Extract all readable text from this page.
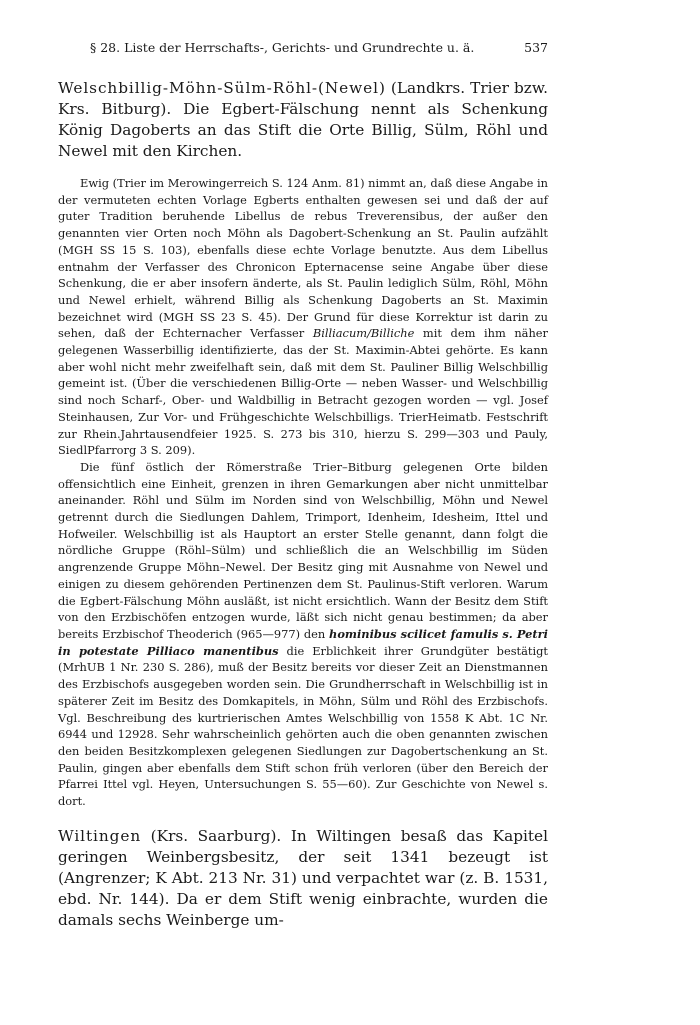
§ 28. Liste der Herrschafts-, Gerichts- und Grundrechte u. ä.	537

Welschbillig-Möhn-Sülm-Röhl-(Newel) (Landkrs. Trier bzw. Krs. Bitburg). Die Egbert-Fälschung nennt als Schenkung König Dagoberts an das Stift die Orte Billig, Sülm, Röhl und Newel mit den Kirchen.

Ewig (Trier im Merowingerreich S. 124 Anm. 81) nimmt an, daß diese Angabe in der vermuteten echten Vorlage Egberts enthalten gewesen sei und daß der auf guter Tradition beruhende Libellus de rebus Treverensibus, der außer den genannten vier Orten noch Möhn als Dagobert-Schenkung an St. Paulin aufzählt (MGH SS 15 S. 103), ebenfalls diese echte Vorlage benutzte. Aus dem Libellus entnahm der Verfasser des Chronicon Epternacense seine Angabe über diese Schenkung, die er aber insofern änderte, als St. Paulin lediglich Sülm, Röhl, Möhn und Newel erhielt, während Billig als Schenkung Dagoberts an St. Maximin bezeichnet wird (MGH SS 23 S. 45). Der Grund für diese Korrektur ist darin zu sehen, daß der Echternacher Verfasser Billiacum/Billiche mit dem ihm näher gelegenen Wasserbillig identifizierte, das der St. Maximin-Abtei gehörte. Es kann aber wohl nicht mehr zweifelhaft sein, daß mit dem St. Pauliner Billig Welschbillig gemeint ist. (Über die verschiedenen Billig-Orte — neben Wasser- und Welschbillig sind noch Scharf-, Ober- und Waldbillig in Betracht gezogen worden — vgl. Josef Steinhausen, Zur Vor- und Frühgeschichte Welschbilligs. TrierHeimatb. Festschrift zur Rhein.Jahrtausendfeier 1925. S. 273 bis 310, hierzu S. 299—303 und Pauly, SiedlPfarrorg 3 S. 209).

Die fünf östlich der Römerstraße Trier–Bitburg gelegenen Orte bilden offensichtlich eine Einheit, grenzen in ihren Gemarkungen aber nicht unmittelbar aneinander. Röhl und Sülm im Norden sind von Welschbillig, Möhn und Newel getrennt durch die Siedlungen Dahlem, Trimport, Idenheim, Idesheim, Ittel und Hofweiler. Welschbillig ist als Hauptort an erster Stelle genannt, dann folgt die nördliche Gruppe (Röhl–Sülm) und schließlich die an Welschbillig im Süden angrenzende Gruppe Möhn–Newel. Der Besitz ging mit Ausnahme von Newel und einigen zu diesem gehörenden Pertinenzen dem St. Paulinus-Stift verloren. Warum die Egbert-Fälschung Möhn ausläßt, ist nicht ersichtlich. Wann der Besitz dem Stift von den Erzbischöfen entzogen wurde, läßt sich nicht genau bestimmen; da aber bereits Erzbischof Theoderich (965—977) den hominibus scilicet famulis s. Petri in potestate Pilliaco manentibus die Erblichkeit ihrer Grundgüter bestätigt (MrhUB 1 Nr. 230 S. 286), muß der Besitz bereits vor dieser Zeit an Dienstmannen des Erzbischofs ausgegeben worden sein. Die Grundherrschaft in Welschbillig ist in späterer Zeit im Besitz des Domkapitels, in Möhn, Sülm und Röhl des Erzbischofs. Vgl. Beschreibung des kurtrierischen Amtes Welschbillig von 1558 K Abt. 1C Nr. 6944 und 12928. Sehr wahrscheinlich gehörten auch die oben genannten zwischen den beiden Besitzkomplexen gelegenen Siedlungen zur Dagobertschenkung an St. Paulin, gingen aber ebenfalls dem Stift schon früh verloren (über den Bereich der Pfarrei Ittel vgl. Heyen, Untersuchungen S. 55—60). Zur Geschichte von Newel s. dort.

Wiltingen (Krs. Saarburg). In Wiltingen besaß das Kapitel geringen Weinbergsbesitz, der seit 1341 bezeugt ist (Angrenzer; K Abt. 213 Nr. 31) und verpachtet war (z. B. 1531, ebd. Nr. 144). Da er dem Stift wenig einbrachte, wurden die damals sechs Weinberge um-
